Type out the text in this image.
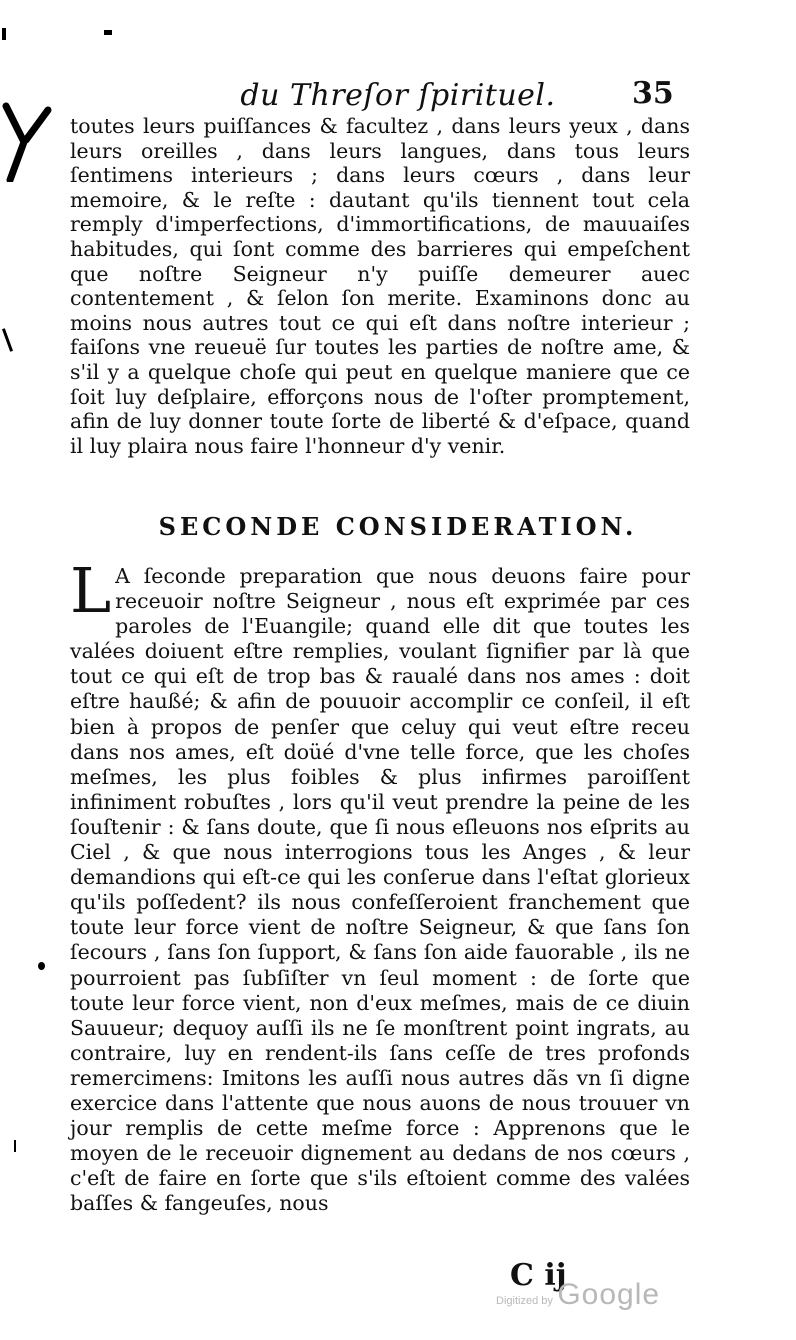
du Threſor ſpirituel.	35

toutes leurs puiſſances & facultez , dans leurs yeux , dans leurs oreilles , dans leurs langues, dans tous leurs ſentimens interieurs ; dans leurs cœurs , dans leur memoire, & le reſte : dautant qu'ils tiennent tout cela remply d'imperfections, d'immortifications, de mauuaiſes habitudes, qui ſont comme des barrieres qui empeſchent que noſtre Seigneur n'y puiſſe demeurer auec contentement , & ſelon ſon merite. Examinons donc au moins nous autres tout ce qui eſt dans noſtre interieur ; faiſons vne reueuë ſur toutes les parties de noſtre ame, & s'il y a quelque choſe qui peut en quelque maniere que ce ſoit luy deſplaire, efforçons nous de l'oſter promptement, afin de luy donner toute ſorte de liberté & d'eſpace, quand il luy plaira nous faire l'honneur d'y venir.

SECONDE CONSIDERATION.
L A ſeconde preparation que nous deuons faire pour receuoir noſtre Seigneur , nous eſt exprimée par ces paroles de l'Euangile; quand elle dit que toutes les valées doiuent eſtre remplies, voulant ſignifier par là que tout ce qui eſt de trop bas & raualé dans nos ames : doit eſtre haußé; & afin de pouuoir accomplir ce conſeil, il eſt bien à propos de penſer que celuy qui veut eſtre receu dans nos ames, eſt doüé d'vne telle force, que les choſes meſmes, les plus foibles & plus infirmes paroiſſent infiniment robuſtes , lors qu'il veut prendre la peine de les ſouſtenir : & ſans doute, que ſi nous eſleuons nos eſprits au Ciel , & que nous interrogions tous les Anges , & leur demandions qui eſt-ce qui les conſerue dans l'eſtat glorieux qu'ils poſſedent? ils nous confeſſeroient franchement que toute leur force vient de noſtre Seigneur, & que ſans ſon ſecours , ſans ſon ſupport, & ſans ſon aide fauorable , ils ne pourroient pas ſubſiſter vn ſeul moment : de ſorte que toute leur force vient, non d'eux meſmes, mais de ce diuin Sauueur; dequoy auſſi ils ne ſe monſtrent point ingrats, au contraire, luy en rendent-ils ſans ceſſe de tres profonds remercimens: Imitons les auſſi nous autres dãs vn ſi digne exercice dans l'attente que nous auons de nous trouuer vn jour remplis de cette meſme force : Apprenons que le moyen de le receuoir dignement au dedans de nos cœurs , c'eſt de faire en ſorte que s'ils eſtoient comme des valées baſſes & fangeuſes, nous

C ij
Digitized by Google
